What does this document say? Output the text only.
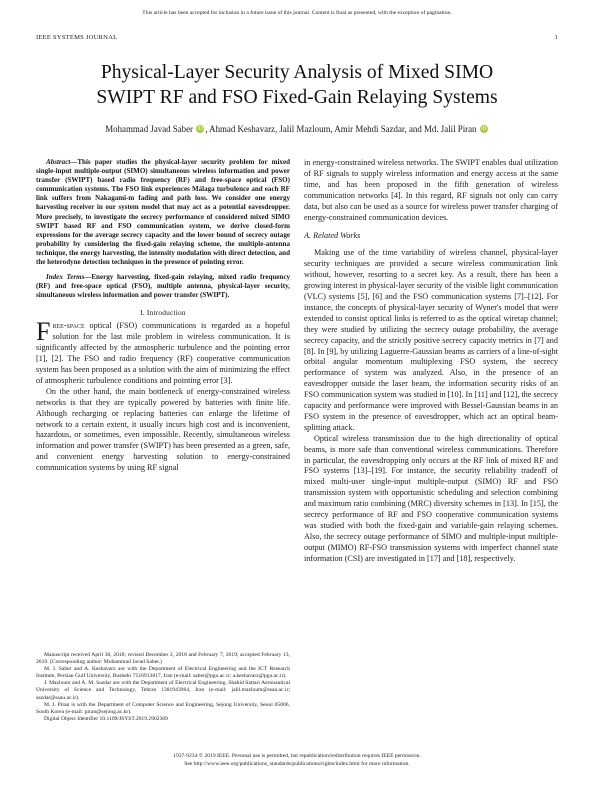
This article has been accepted for inclusion in a future issue of this journal. Content is final as presented, with the exception of pagination.
IEEE SYSTEMS JOURNAL	1
Physical-Layer Security Analysis of Mixed SIMO
SWIPT RF and FSO Fixed-Gain Relaying Systems
Mohammad Javad Saber iD , Ahmad Keshavarz, Jalil Mazloum, Amir Mehdi Sazdar, and Md. Jalil Piran iD
Abstract—This paper studies the physical-layer security problem for mixed single-input multiple-output (SIMO) simultaneous wireless information and power transfer (SWIPT) based radio frequency (RF) and free-space optical (FSO) communication systems. The FSO link experiences Málaga turbulence and each RF link suffers from Nakagami-m fading and path loss. We consider one energy harvesting receiver in our system model that may act as a potential eavesdropper. More precisely, to investigate the secrecy performance of considered mixed SIMO SWIPT based RF and FSO communication system, we derive closed-form expressions for the average secrecy capacity and the lower bound of secrecy outage probability by considering the fixed-gain relaying scheme, the multiple-antenna technique, the energy harvesting, the intensity modulation with direct detection, and the heterodyne detection techniques in the presence of pointing error.
Index Terms—Energy harvesting, fixed-gain relaying, mixed radio frequency (RF) and free-space optical (FSO), multiple antenna, physical-layer security, simultaneous wireless information and power transfer (SWIPT).
I. Introduction

Free-space optical (FSO) communications is regarded as a hopeful solution for the last mile problem in wireless communication. It is significantly affected by the atmospheric turbulence and the pointing error [1], [2]. The FSO and radio frequency (RF) cooperative communication system has been proposed as a solution with the aim of minimizing the effect of atmospheric turbulence conditions and pointing error [3].

On the other hand, the main bottleneck of energy-constrained wireless networks is that they are typically powered by batteries with finite life. Although recharging or replacing batteries can enlarge the lifetime of network to a certain extent, it usually incurs high cost and is inconvenient, hazardous, or sometimes, even impossible. Recently, simultaneous wireless information and power transfer (SWIPT) has been presented as a green, safe, and convenient energy harvesting solution to energy-constrained communication systems by using RF signal

Manuscript received April 30, 2018; revised December 2, 2018 and February 7, 2019; accepted February 13, 2019. (Corresponding author: Mohammad Javad Saber.)

M. J. Saber and A. Keshavarz are with the Department of Electrical Engineering and the ICT Research Institute, Persian Gulf University, Bushehr 7516913817, Iran (e-mail: saber@pgu.ac.ir; a.keshavarz@pgu.ac.ir).

J. Mazloum and A. M. Sazdar are with the Department of Electrical Engineering, Shahid Sattari Aeronautical University of Science and Technology, Tehran 1381943964, Iran (e-mail: jalil.mazloum@ssau.ac.ir; sazdar@ssau.ac.ir).

M. J. Piran is with the Department of Computer Science and Engineering, Sejong University, Seoul 05006, South Korea (e-mail: piran@sejong.ac.kr).

Digital Object Identifier 10.1109/JSYST.2019.2902309

in energy-constrained wireless networks. The SWIPT enables dual utilization of RF signals to supply wireless information and energy access at the same time, and has been proposed in the fifth generation of wireless communication networks [4]. In this regard, RF signals not only can carry data, but also can be used as a source for wireless power transfer charging of energy-constrained communication devices.

A. Related Works

Making use of the time variability of wireless channel, physical-layer security techniques are provided a secure wireless communication link without, however, resorting to a secret key. As a result, there has been a growing interest in physical-layer security of the visible light communication (VLC) systems [5], [6] and the FSO communication systems [7]–[12]. For instance, the concepts of physical-layer security of Wyner's model that were extended to consist optical links is referred to as the optical wiretap channel; they were studied by utilizing the secrecy outage probability, the average secrecy capacity, and the strictly positive secrecy capacity metrics in [7] and [8]. In [9], by utilizing Laguerre-Gaussian beams as carriers of a line-of-sight orbital angular momentum multiplexing FSO system, the secrecy performance of system was analyzed. Also, in the presence of an eavesdropper outside the laser beam, the information security risks of an FSO communication system was studied in [10]. In [11] and [12], the secrecy capacity and performance were improved with Bessel-Gaussian beams in an FSO system in the presence of eavesdropper, which act an optical beam-splitting attack.

Optical wireless transmission due to the high directionality of optical beams, is more safe than conventional wireless communications. Therefore in particular, the eavesdropping only occurs at the RF link of mixed RF and FSO systems [13]–[19]. For instance, the security reliability tradeoff of mixed multi-user single-input multiple-output (SIMO) RF and FSO transmission system with opportunistic scheduling and selection combining and maximum ratio combining (MRC) diversity schemes in [13]. In [15], the secrecy performance of RF and FSO cooperative communication systems was studied with both the fixed-gain and variable-gain relaying schemes. Also, the secrecy outage performance of SIMO and multiple-input multiple-output (MIMO) RF-FSO transmission systems with imperfect channel state information (CSI) are investigated in [17] and [18], respectively.

1937-9234 © 2019 IEEE. Personal use is permitted, but republication/redistribution requires IEEE permission.
See http://www.ieee.org/publications_standards/publications/rights/index.html for more information.
